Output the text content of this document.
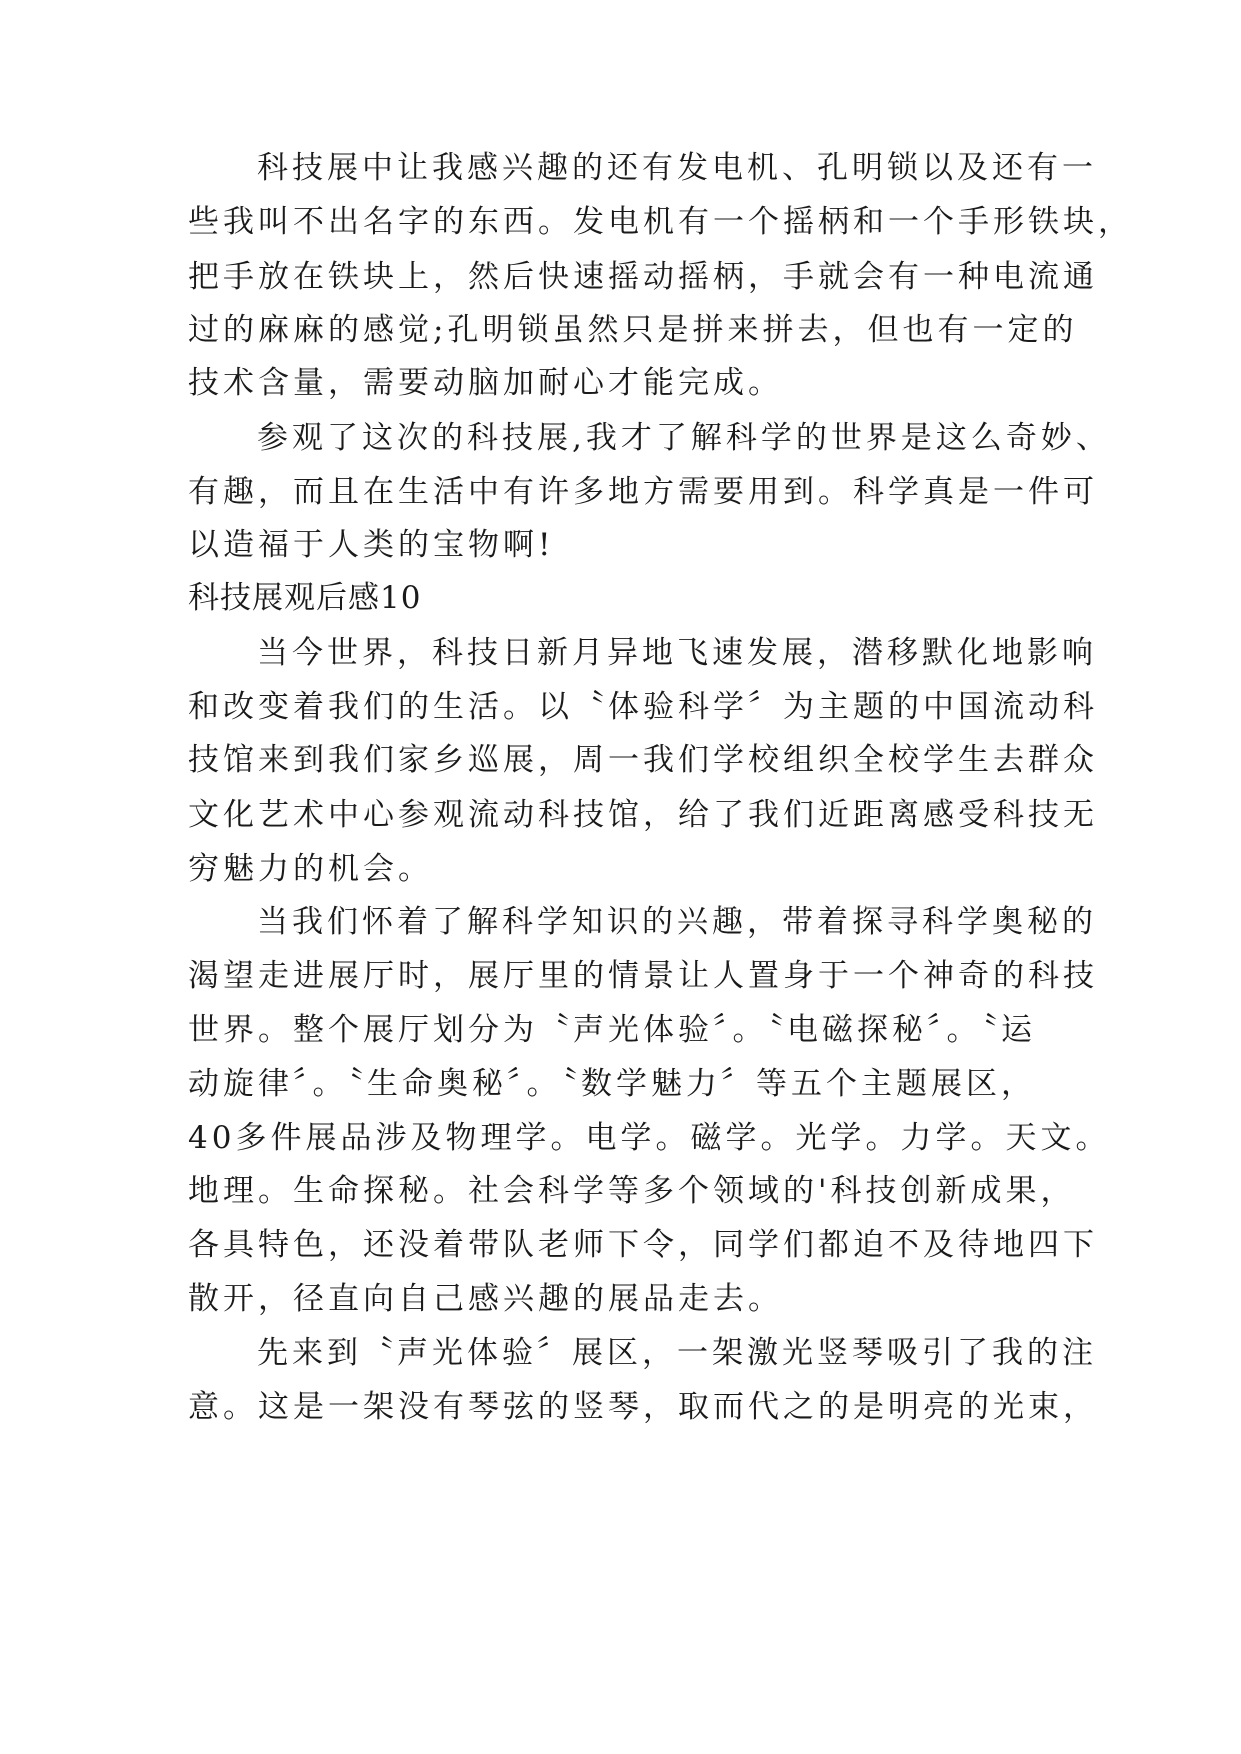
科技展中让我感兴趣的还有发电机、孔明锁以及还有一
些我叫不出名字的东西。发电机有一个摇柄和一个手形铁块，
把手放在铁块上，然后快速摇动摇柄，手就会有一种电流通
过的麻麻的感觉;孔明锁虽然只是拼来拼去，但也有一定的
技术含量，需要动脑加耐心才能完成。
参观了这次的科技展,我才了解科学的世界是这么奇妙、
有趣，而且在生活中有许多地方需要用到。科学真是一件可
以造福于人类的宝物啊!
科技展观后感10
当今世界，科技日新月异地飞速发展，潜移默化地影响
和改变着我们的生活。以〝体验科学〞为主题的中国流动科
技馆来到我们家乡巡展，周一我们学校组织全校学生去群众
文化艺术中心参观流动科技馆，给了我们近距离感受科技无
穷魅力的机会。
当我们怀着了解科学知识的兴趣，带着探寻科学奥秘的
渴望走进展厅时，展厅里的情景让人置身于一个神奇的科技
世界。整个展厅划分为〝声光体验〞。〝电磁探秘〞。〝运
动旋律〞。〝生命奥秘〞。〝数学魅力〞等五个主题展区，
40多件展品涉及物理学。电学。磁学。光学。力学。天文。
地理。生命探秘。社会科学等多个领域的'科技创新成果，
各具特色，还没着带队老师下令，同学们都迫不及待地四下
散开，径直向自己感兴趣的展品走去。
先来到〝声光体验〞展区，一架激光竖琴吸引了我的注
意。这是一架没有琴弦的竖琴，取而代之的是明亮的光束，
